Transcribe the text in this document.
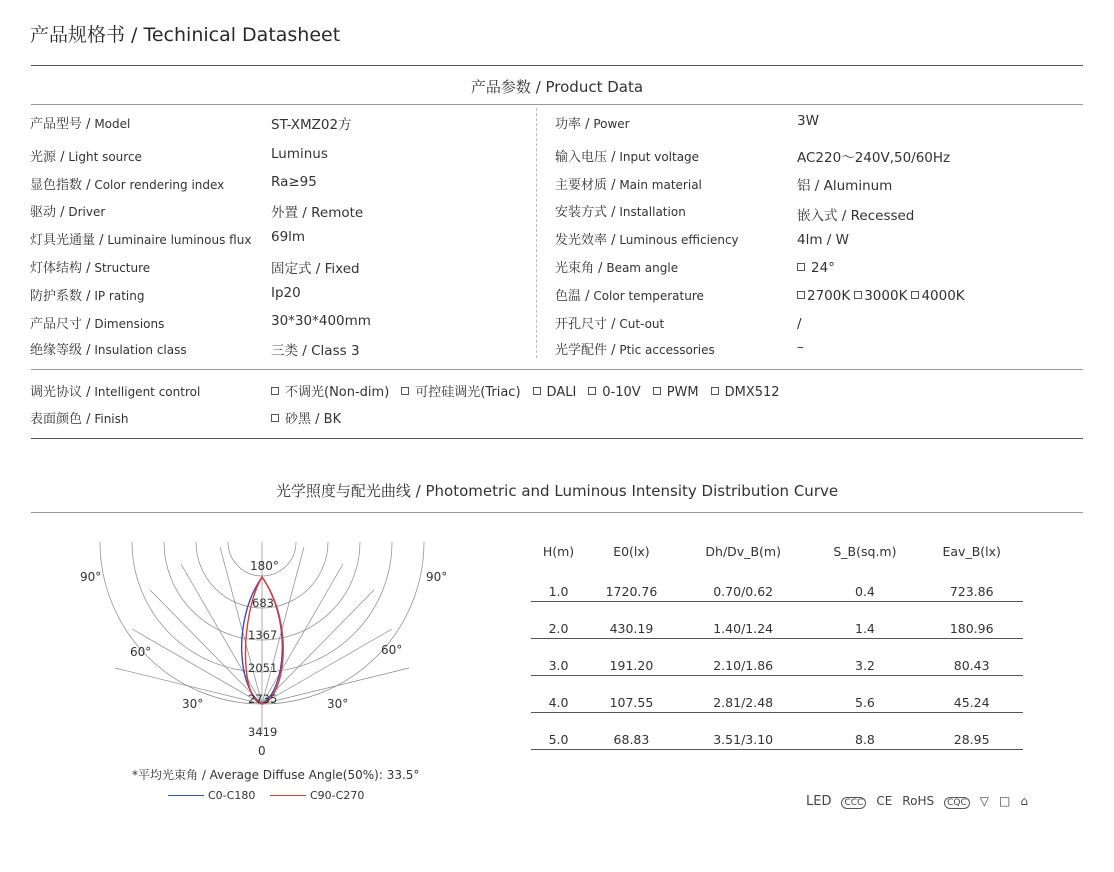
产品规格书 / Techinical Datasheet
产品参数 / Product Data
产品型号 / Model	ST-XMZ02方
光源 / Light source	Luminus
显色指数 / Color rendering index	Ra≥95
驱动 / Driver	外置 / Remote
灯具光通量 / Luminaire luminous flux 69lm
灯体结构 / Structure	固定式 / Fixed
防护系数 / IP rating	Ip20
产品尺寸 / Dimensions	30*30*400mm
绝缘等级 / Insulation class	三类 / Class 3
功率 / Power	3W
输入电压 / Input voltage	AC220～240V,50/60Hz
主要材质 / Main material	铝 / Aluminum
安装方式 / Installation	嵌入式 / Recessed
发光效率 / Luminous efficiency	4lm / W
光束角 / Beam angle	24°
色温 / Color temperature	2700K 3000K 4000K
开孔尺寸 / Cut-out	/
光学配件 / Ptic accessories	–
调光协议 / Intelligent control	不调光(Non-dim) 可控硅调光(Triac) DALI 0-10V PWM DMX512
表面颜色 / Finish	砂黑 / BK
光学照度与配光曲线 / Photometric and Luminous Intensity Distribution Curve
180°
90°	90°
60°	60°
30°	30°
0
683
1367
2051
2735
3419
*平均光束角 / Average Diffuse Angle(50%): 33.5°
C0-C180	C90-C270
H(m)	E0(lx)	Dh/Dv_B(m)	S_B(sq.m)	Eav_B(lx)
1.0	1720.76	0.70/0.62	0.4	723.86
2.0	430.19	1.40/1.24	1.4	180.96
3.0	191.20	2.10/1.86	3.2	80.43
4.0	107.55	2.81/2.48	5.6	45.24
5.0	68.83	3.51/3.10	8.8	28.95
LED CCC CE RoHS CQC ▽ □ ⌂
